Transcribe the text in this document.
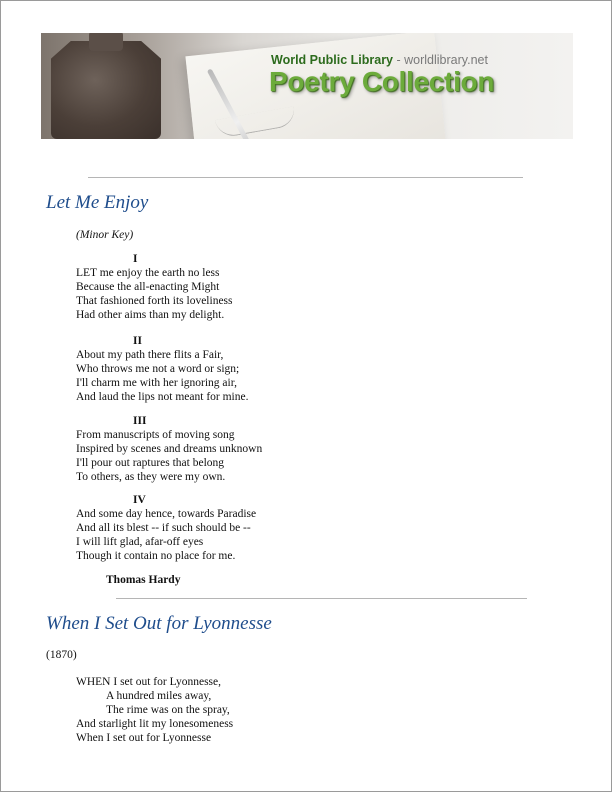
World Public Library - worldlibrary.net
Poetry Collection
Let Me Enjoy
(Minor Key)
I
LET me enjoy the earth no less
Because the all-enacting Might
That fashioned forth its loveliness
Had other aims than my delight.
II
About my path there flits a Fair,
Who throws me not a word or sign;
I'll charm me with her ignoring air,
And laud the lips not meant for mine.
III
From manuscripts of moving song
Inspired by scenes and dreams unknown
I'll pour out raptures that belong
To others, as they were my own.
IV
And some day hence, towards Paradise
And all its blest -- if such should be --
I will lift glad, afar-off eyes
Though it contain no place for me.
Thomas Hardy
When I Set Out for Lyonnesse
(1870)
WHEN I set out for Lyonnesse,
A hundred miles away,
The rime was on the spray,
And starlight lit my lonesomeness
When I set out for Lyonnesse
